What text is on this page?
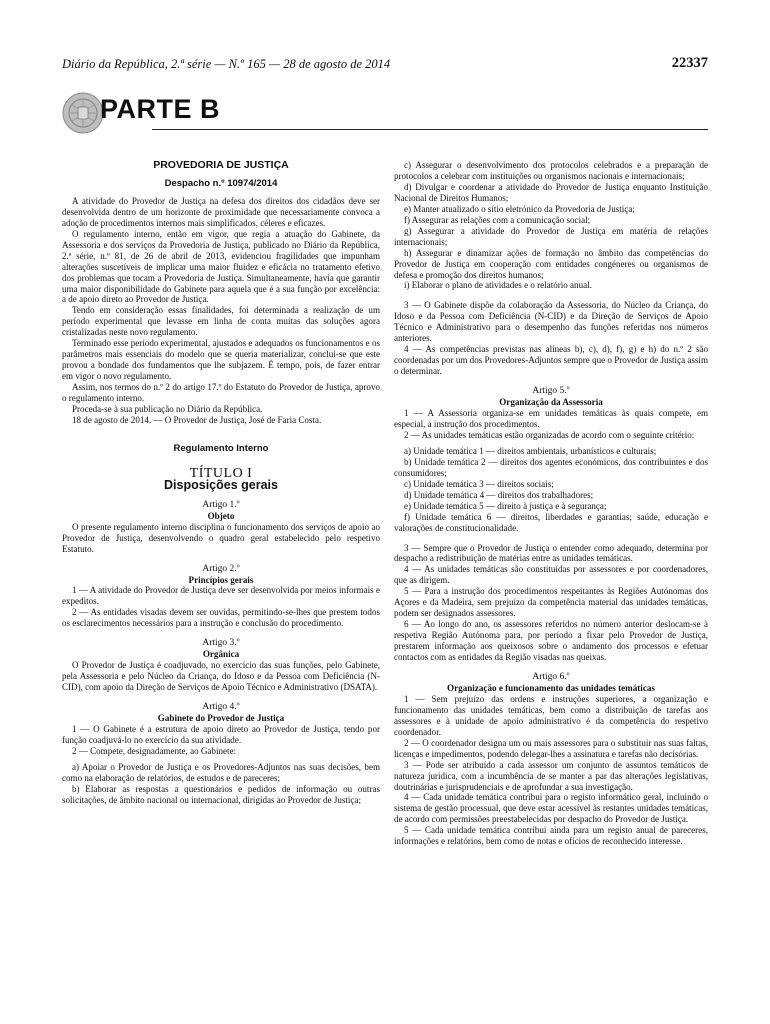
Diário da República, 2.ª série — N.º 165 — 28 de agosto de 2014	22337
PARTE B
PROVEDORIA DE JUSTIÇA
Despacho n.º 10974/2014

A atividade do Provedor de Justiça na defesa dos direitos dos cidadãos deve ser desenvolvida dentro de um horizonte de proximidade que necessariamente convoca a adoção de procedimentos internos mais simplificados, céleres e eficazes.

O regulamento interno, então em vigor, que regia a atuação do Gabinete, da Assessoria e dos serviços da Provedoria de Justiça, publicado no Diário da República, 2.ª série, n.º 81, de 26 de abril de 2013, evidenciou fragilidades que impunham alterações suscetíveis de implicar uma maior fluidez e eficácia no tratamento efetivo dos problemas que tocam a Provedoria de Justiça. Simultaneamente, havia que garantir uma maior disponibilidade do Gabinete para aquela que é a sua função por excelência: a de apoio direto ao Provedor de Justiça.

Tendo em consideração essas finalidades, foi determinada a realização de um período experimental que levasse em linha de conta muitas das soluções agora cristalizadas neste novo regulamento.

Terminado esse período experimental, ajustados e adequados os funcionamentos e os parâmetros mais essenciais do modelo que se queria materializar, conclui-se que este provou a bondade dos fundamentos que lhe subjazem. É tempo, pois, de fazer entrar em vigor o novo regulamento.

Assim, nos termos do n.º 2 do artigo 17.º do Estatuto do Provedor de Justiça, aprovo o regulamento interno.

Proceda-se à sua publicação no Diário da República.

18 de agosto de 2014. — O Provedor de Justiça, José de Faria Costa.

Regulamento Interno
TÍTULO I
Disposições gerais
Artigo 1.º
Objeto

O presente regulamento interno disciplina o funcionamento dos serviços de apoio ao Provedor de Justiça, desenvolvendo o quadro geral estabelecido pelo respetivo Estatuto.

Artigo 2.º
Princípios gerais

1 — A atividade do Provedor de Justiça deve ser desenvolvida por meios informais e expeditos.

2 — As entidades visadas devem ser ouvidas, permitindo-se-lhes que prestem todos os esclarecimentos necessários para a instrução e conclusão do procedimento.

Artigo 3.º
Orgânica

O Provedor de Justiça é coadjuvado, no exercício das suas funções, pelo Gabinete, pela Assessoria e pelo Núcleo da Criança, do Idoso e da Pessoa com Deficiência (N-CID), com apoio da Direção de Serviços de Apoio Técnico e Administrativo (DSATA).

Artigo 4.º
Gabinete do Provedor de Justiça

1 — O Gabinete é a estrutura de apoio direto ao Provedor de Justiça, tendo por função coadjuvá-lo no exercício da sua atividade.

2 — Compete, designadamente, ao Gabinete:

a) Apoiar o Provedor de Justiça e os Provedores-Adjuntos nas suas decisões, bem como na elaboração de relatórios, de estudos e de pareceres;

b) Elaborar as respostas a questionários e pedidos de informação ou outras solicitações, de âmbito nacional ou internacional, dirigidas ao Provedor de Justiça;

c) Assegurar o desenvolvimento dos protocolos celebrados e a preparação de protocolos a celebrar com instituições ou organismos nacionais e internacionais;

d) Divulgar e coordenar a atividade do Provedor de Justiça enquanto Instituição Nacional de Direitos Humanos;

e) Manter atualizado o sítio eletrónico da Provedoria de Justiça;

f) Assegurar as relações com a comunicação social;

g) Assegurar a atividade do Provedor de Justiça em matéria de relações internacionais;

h) Assegurar e dinamizar ações de formação no âmbito das competências do Provedor de Justiça em cooperação com entidades congéneres ou organismos de defesa e promoção dos direitos humanos;

i) Elaborar o plano de atividades e o relatório anual.

3 — O Gabinete dispõe da colaboração da Assessoria, do Núcleo da Criança, do Idoso e da Pessoa com Deficiência (N-CID) e da Direção de Serviços de Apoio Técnico e Administrativo para o desempenho das funções referidas nos números anteriores.

4 — As competências previstas nas alíneas b), c), d), f), g) e h) do n.º 2 são coordenadas por um dos Provedores-Adjuntos sempre que o Provedor de Justiça assim o determinar.

Artigo 5.º
Organização da Assessoria

1 — A Assessoria organiza-se em unidades temáticas às quais compete, em especial, a instrução dos procedimentos.

2 — As unidades temáticas estão organizadas de acordo com o seguinte critério:

a) Unidade temática 1 — direitos ambientais, urbanísticos e culturais;

b) Unidade temática 2 — direitos dos agentes económicos, dos contribuintes e dos consumidores;

c) Unidade temática 3 — direitos sociais;

d) Unidade temática 4 — direitos dos trabalhadores;

e) Unidade temática 5 — direito à justiça e à segurança;

f) Unidade temática 6 — direitos, liberdades e garantias; saúde, educação e valorações de constitucionalidade.

3 — Sempre que o Provedor de Justiça o entender como adequado, determina por despacho a redistribuição de matérias entre as unidades temáticas.

4 — As unidades temáticas são constituídas por assessores e por coordenadores, que as dirigem.

5 — Para a instrução dos procedimentos respeitantes às Regiões Autónomas dos Açores e da Madeira, sem prejuízo da competência material das unidades temáticas, podem ser designados assessores.

6 — Ao longo do ano, os assessores referidos no número anterior deslocam-se à respetiva Região Autónoma para, por período a fixar pelo Provedor de Justiça, prestarem informação aos queixosos sobre o andamento dos processos e efetuar contactos com as entidades da Região visadas nas queixas.

Artigo 6.º
Organização e funcionamento das unidades temáticas

1 — Sem prejuízo das ordens e instruções superiores, a organização e funcionamento das unidades temáticas, bem como a distribuição de tarefas aos assessores e à unidade de apoio administrativo é da competência do respetivo coordenador.

2 — O coordenador designa um ou mais assessores para o substituir nas suas faltas, licenças e impedimentos, podendo delegar-lhes a assinatura e tarefas não decisórias.

3 — Pode ser atribuído a cada assessor um conjunto de assuntos temáticos de natureza jurídica, com a incumbência de se manter a par das alterações legislativas, doutrinárias e jurisprudenciais e de aprofundar a sua investigação.

4 — Cada unidade temática contribui para o registo informático geral, incluindo o sistema de gestão processual, que deve estar acessível às restantes unidades temáticas, de acordo com permissões preestabelecidas por despacho do Provedor de Justiça.

5 — Cada unidade temática contribui ainda para um registo anual de pareceres, informações e relatórios, bem como de notas e ofícios de reconhecido interesse.
